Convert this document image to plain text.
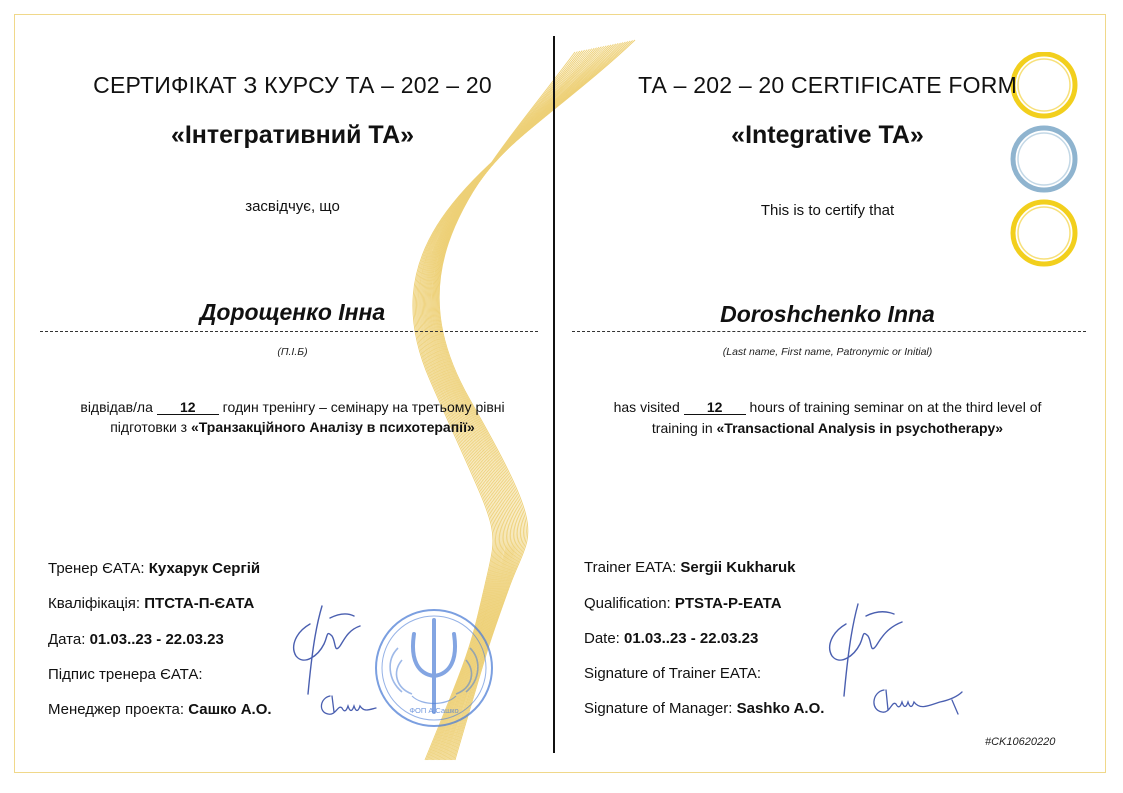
СЕРТИФІКАТ З КУРСУ ТА – 202 – 20
«Інтегративний ТА»
засвідчує, що
Дорощенко Інна
(П.І.Б)
відвідав/ла 12 годин тренінгу – семінару на третьому рівні
підготовки з «Транзакційного Аналізу в психотерапії»
Тренер ЄАТА: Кухарук Сергій
Кваліфікація: ПТСТА-П-ЄАТА
Дата: 01.03..23 - 22.03.23
Підпис тренера ЄАТА:
Менеджер проекта: Сашко А.О.	ФОП А.Сашко
ТА – 202 – 20 CERTIFICATE FORM
«Integrative TA»
This is to certify that
Doroshchenko Inna
(Last name, First name, Patronymic or Initial)
has visited 12 hours of training seminar on at the third level of
training in «Transactional Analysis in psychotherapy»
Trainer EATA: Sergii Kukharuk
Qualification: PTSTA-P-EATA
Date: 01.03..23 - 22.03.23
Signature of Trainer EATA:
Signature of Manager: Sashko A.O.
#CK10620220
